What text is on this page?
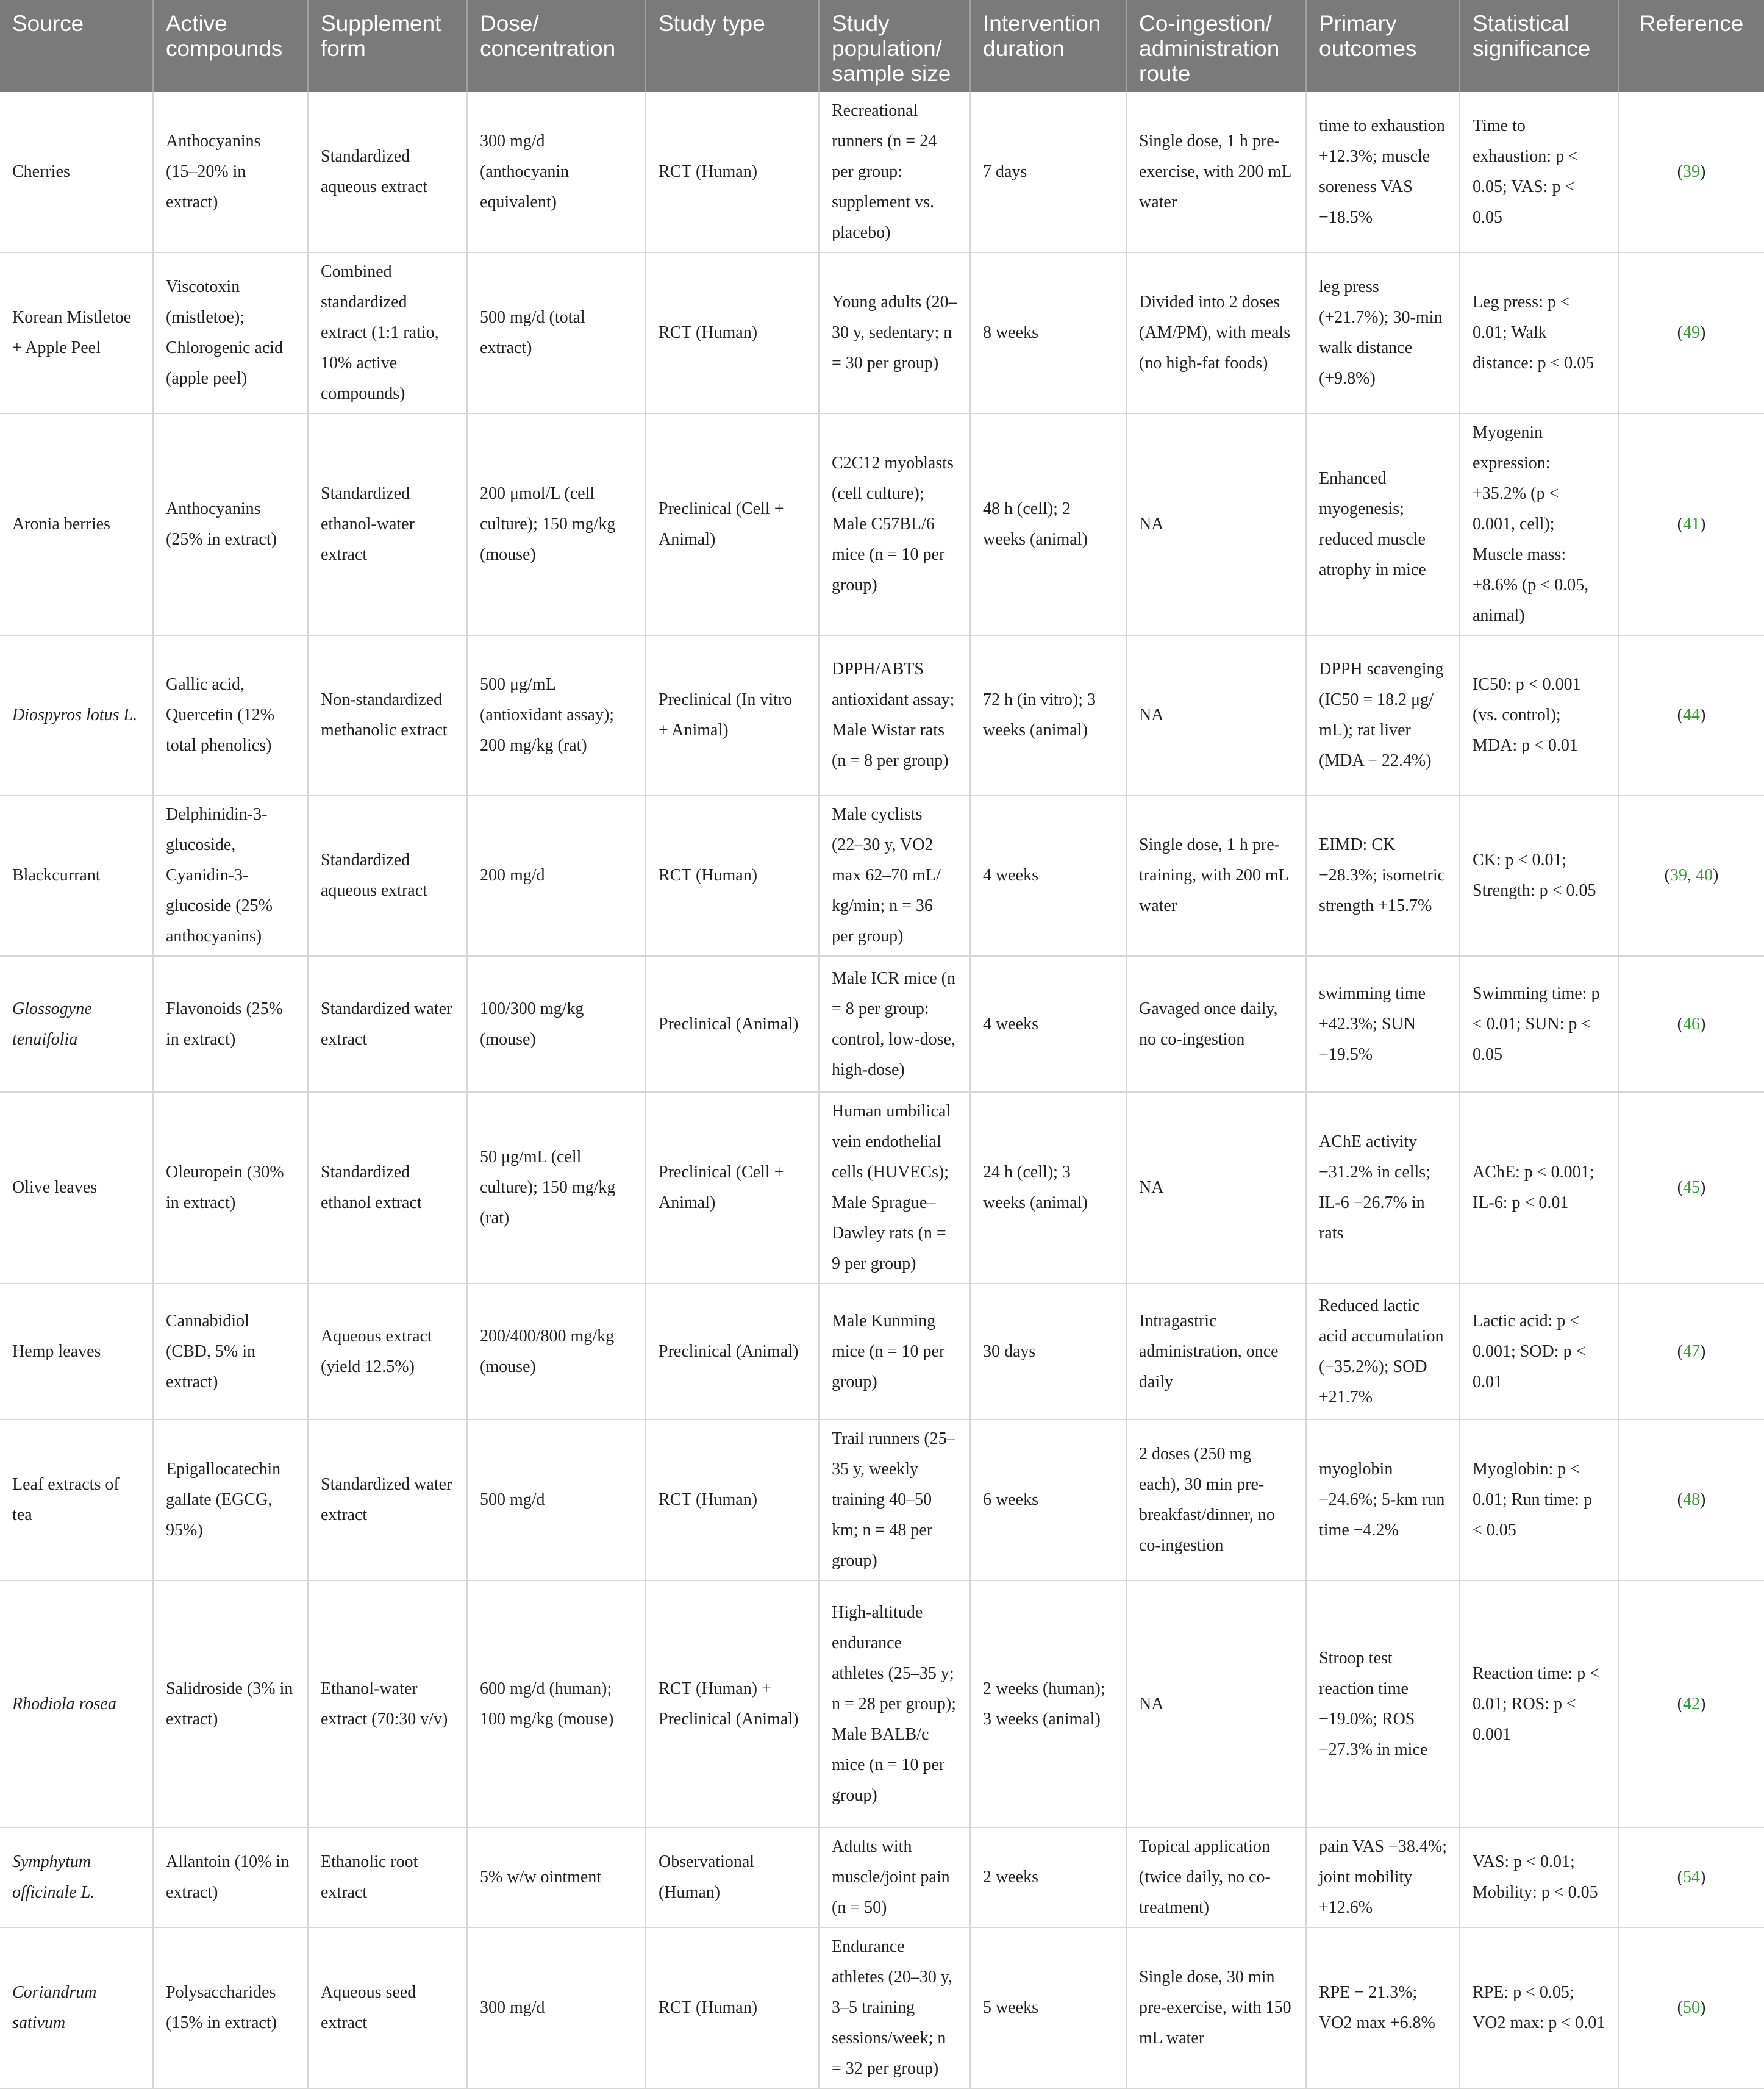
Source	Active compounds	Supplement form	Dose/ concentration	Study type	Study population/ sample size	Intervention duration	Co-ingestion/ administration route	Primary outcomes	Statistical significance	Reference
Cherries	Anthocyanins (15–20% in extract)	Standardized aqueous extract	300 mg/d (anthocyanin equivalent)	RCT (Human)	Recreational runners (n = 24 per group: supplement vs. placebo)	7 days	Single dose, 1 h pre-exercise, with 200 mL water	time to exhaustion +12.3%; muscle soreness VAS −18.5%	Time to exhaustion: p < 0.05; VAS: p < 0.05	(39)
Korean Mistletoe + Apple Peel	Viscotoxin (mistletoe); Chlorogenic acid (apple peel)	Combined standardized extract (1:1 ratio, 10% active compounds)	500 mg/d (total extract)	RCT (Human)	Young adults (20–30 y, sedentary; n = 30 per group)	8 weeks	Divided into 2 doses (AM/PM), with meals (no high-fat foods)	leg press (+21.7%); 30-min walk distance (+9.8%)	Leg press: p < 0.01; Walk distance: p < 0.05	(49)
Aronia berries	Anthocyanins (25% in extract)	Standardized ethanol-water extract	200 μmol/L (cell culture); 150 mg/kg (mouse)	Preclinical (Cell + Animal)	C2C12 myoblasts (cell culture); Male C57BL/6 mice (n = 10 per group)	48 h (cell); 2 weeks (animal)	NA	Enhanced myogenesis; reduced muscle atrophy in mice	Myogenin expression: +35.2% (p < 0.001, cell); Muscle mass: +8.6% (p < 0.05, animal)	(41)
Diospyros lotus L.	Gallic acid, Quercetin (12% total phenolics)	Non-standardized methanolic extract	500 μg/mL (antioxidant assay); 200 mg/kg (rat)	Preclinical (In vitro + Animal)	DPPH/ABTS antioxidant assay; Male Wistar rats (n = 8 per group)	72 h (in vitro); 3 weeks (animal)	NA	DPPH scavenging (IC50 = 18.2 μg/ mL); rat liver (MDA − 22.4%)	IC50: p < 0.001 (vs. control); MDA: p < 0.01	(44)
Blackcurrant	Delphinidin-3-glucoside, Cyanidin-3-glucoside (25% anthocyanins)	Standardized aqueous extract	200 mg/d	RCT (Human)	Male cyclists (22–30 y, VO2 max 62–70 mL/ kg/min; n = 36 per group)	4 weeks	Single dose, 1 h pre-training, with 200 mL water	EIMD: CK −28.3%; isometric strength +15.7%	CK: p < 0.01; Strength: p < 0.05	(39, 40)
Glossogyne tenuifolia	Flavonoids (25% in extract)	Standardized water extract	100/300 mg/kg (mouse)	Preclinical (Animal)	Male ICR mice (n = 8 per group: control, low-dose, high-dose)	4 weeks	Gavaged once daily, no co-ingestion	swimming time +42.3%; SUN −19.5%	Swimming time: p < 0.01; SUN: p < 0.05	(46)
Olive leaves	Oleuropein (30% in extract)	Standardized ethanol extract	50 μg/mL (cell culture); 150 mg/kg (rat)	Preclinical (Cell + Animal)	Human umbilical vein endothelial cells (HUVECs); Male Sprague–Dawley rats (n = 9 per group)	24 h (cell); 3 weeks (animal)	NA	AChE activity −31.2% in cells; IL-6 −26.7% in rats	AChE: p < 0.001; IL-6: p < 0.01	(45)
Hemp leaves	Cannabidiol (CBD, 5% in extract)	Aqueous extract (yield 12.5%)	200/400/800 mg/kg (mouse)	Preclinical (Animal)	Male Kunming mice (n = 10 per group)	30 days	Intragastric administration, once daily	Reduced lactic acid accumulation (−35.2%); SOD +21.7%	Lactic acid: p < 0.001; SOD: p < 0.01	(47)
Leaf extracts of tea	Epigallocatechin gallate (EGCG, 95%)	Standardized water extract	500 mg/d	RCT (Human)	Trail runners (25–35 y, weekly training 40–50 km; n = 48 per group)	6 weeks	2 doses (250 mg each), 30 min pre-breakfast/dinner, no co-ingestion	myoglobin −24.6%; 5-km run time −4.2%	Myoglobin: p < 0.01; Run time: p < 0.05	(48)
Rhodiola rosea	Salidroside (3% in extract)	Ethanol-water extract (70:30 v/v)	600 mg/d (human); 100 mg/kg (mouse)	RCT (Human) + Preclinical (Animal)	High-altitude endurance athletes (25–35 y; n = 28 per group); Male BALB/c mice (n = 10 per group)	2 weeks (human); 3 weeks (animal)	NA	Stroop test reaction time −19.0%; ROS −27.3% in mice	Reaction time: p < 0.01; ROS: p < 0.001	(42)
Symphytum officinale L.	Allantoin (10% in extract)	Ethanolic root extract	5% w/w ointment	Observational (Human)	Adults with muscle/joint pain (n = 50)	2 weeks	Topical application (twice daily, no co-treatment)	pain VAS −38.4%; joint mobility +12.6%	VAS: p < 0.01; Mobility: p < 0.05	(54)
Coriandrum sativum	Polysaccharides (15% in extract)	Aqueous seed extract	300 mg/d	RCT (Human)	Endurance athletes (20–30 y, 3–5 training sessions/week; n = 32 per group)	5 weeks	Single dose, 30 min pre-exercise, with 150 mL water	RPE − 21.3%; VO2 max +6.8%	RPE: p < 0.05; VO2 max: p < 0.01	(50)
